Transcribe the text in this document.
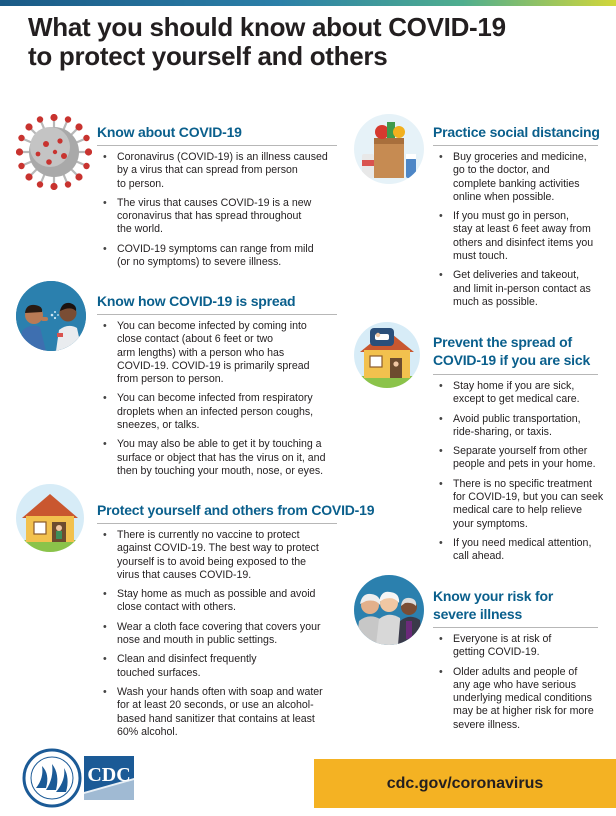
What you should know about COVID-19
to protect yourself and others
Know about COVID-19
• Coronavirus (COVID-19) is an illness caused
by a virus that can spread from person
to person.
• The virus that causes COVID-19 is a new
coronavirus that has spread throughout
the world.
• COVID-19 symptoms can range from mild
(or no symptoms) to severe illness.
Know how COVID-19 is spread
• You can become infected by coming into
close contact (about 6 feet or two
arm lengths) with a person who has
COVID-19. COVID-19 is primarily spread
from person to person.
• You can become infected from respiratory
droplets when an infected person coughs,
sneezes, or talks.
• You may also be able to get it by touching a
surface or object that has the virus on it, and
then by touching your mouth, nose, or eyes.
Protect yourself and others from COVID-19
• There is currently no vaccine to protect
against COVID-19. The best way to protect
yourself is to avoid being exposed to the
virus that causes COVID-19.
• Stay home as much as possible and avoid
close contact with others.
• Wear a cloth face covering that covers your
nose and mouth in public settings.
• Clean and disinfect frequently
touched surfaces.
• Wash your hands often with soap and water
for at least 20 seconds, or use an alcohol-
based hand sanitizer that contains at least
60% alcohol.
Practice social distancing
• Buy groceries and medicine,
go to the doctor, and
complete banking activities
online when possible.
• If you must go in person,
stay at least 6 feet away from
others and disinfect items you
must touch.
• Get deliveries and takeout,
and limit in-person contact as
much as possible.
Prevent the spread of
COVID-19 if you are sick
• Stay home if you are sick,
except to get medical care.
• Avoid public transportation,
ride-sharing, or taxis.
• Separate yourself from other
people and pets in your home.
• There is no specific treatment
for COVID-19, but you can seek
medical care to help relieve
your symptoms.
• If you need medical attention,
call ahead.
Know your risk for
severe illness
• Everyone is at risk of
getting COVID-19.
• Older adults and people of
any age who have serious
underlying medical conditions
may be at higher risk for more
severe illness.
CDC	cdc.gov/coronavirus
